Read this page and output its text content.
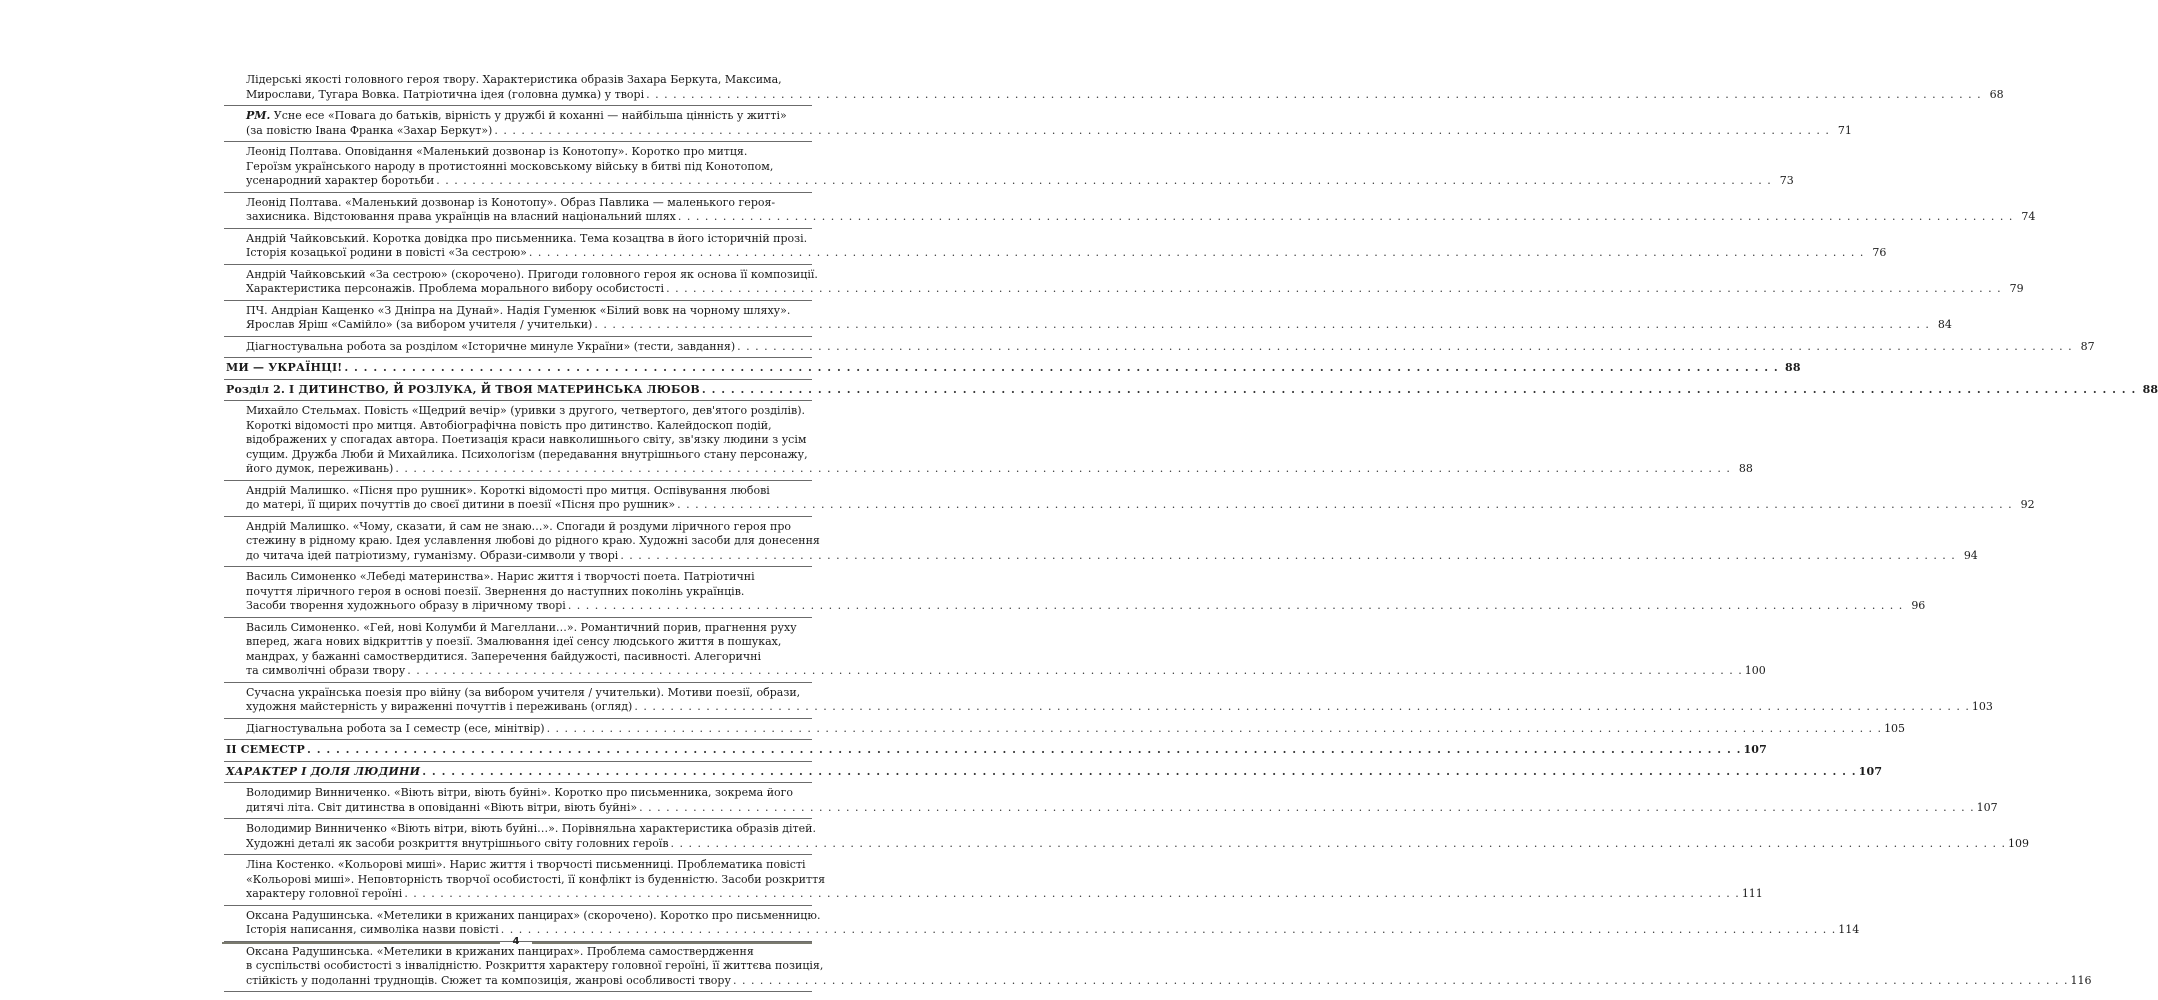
Лідерські якості головного героя твору. Характеристика образів Захара Беркута, Максима,
Мирослави, Тугара Вовка. Патріотична ідея (головна думка) у творі . . .	68
РМ. Усне есе «Повага до батьків, вірність у дружбі й коханні — найбільша цінність у житті»
(за повістю Івана Франка «Захар Беркут») . . .	71
Леонід Полтава. Оповідання «Маленький дозвонар із Конотопу». Коротко про митця.
Героїзм українського народу в протистоянні московському війську в битві під Конотопом,
усенародний характер боротьби . . .	73
Леонід Полтава. «Маленький дозвонар із Конотопу». Образ Павлика — маленького героя-
захисника. Відстоювання права українців на власний національний шлях . . .	74
Андрій Чайковський. Коротка довідка про письменника. Тема козацтва в його історичній прозі.
Історія козацької родини в повісті «За сестрою» . . .	76
Андрій Чайковський «За сестрою» (скорочено). Пригоди головного героя як основа її композиції.
Характеристика персонажів. Проблема морального вибору особистості . . .	79
ПЧ. Андріан Кащенко «З Дніпра на Дунай». Надія Гуменюк «Білий вовк на чорному шляху».
Ярослав Яріш «Самійло» (за вибором учителя / учительки) . . .	84
Діагностувальна робота за розділом «Історичне минуле України» (тести, завдання) . . .	87
МИ — УКРАЇНЦІ! . . .	88
Розділ 2. І ДИТИНСТВО, Й РОЗЛУКА, Й ТВОЯ МАТЕРИНСЬКА ЛЮБОВ . . .	88
Михайло Стельмах. Повість «Щедрий вечір» (уривки з другого, четвертого, дев'ятого розділів).
Короткі відомості про митця. Автобіографічна повість про дитинство. Калейдоскоп подій,
відображених у спогадах автора. Поетизація краси навколишнього світу, зв'язку людини з усім
сущим. Дружба Люби й Михайлика. Психологізм (передавання внутрішнього стану персонажу,
його думок, переживань) . . .	88
Андрій Малишко. «Пісня про рушник». Короткі відомості про митця. Оспівування любові
до матері, її щирих почуттів до своєї дитини в поезії «Пісня про рушник» . . .	92
Андрій Малишко. «Чому, сказати, й сам не знаю…». Спогади й роздуми ліричного героя про
стежину в рідному краю. Ідея уславлення любові до рідного краю. Художні засоби для донесення
до читача ідей патріотизму, гуманізму. Образи-символи у творі . . .	94
Василь Симоненко «Лебеді материнства». Нарис життя і творчості поета. Патріотичні
почуття ліричного героя в основі поезії. Звернення до наступних поколінь українців.
Засоби творення художнього образу в ліричному творі . . .	96
Василь Симоненко. «Гей, нові Колумби й Магеллани…». Романтичний порив, прагнення руху
вперед, жага нових відкриттів у поезії. Змалювання ідеї сенсу людського життя в пошуках,
мандрах, у бажанні самоствердитися. Заперечення байдужості, пасивності. Алегоричні
та символічні образи твору . . .	100
Сучасна українська поезія про війну (за вибором учителя / учительки). Мотиви поезії, образи,
художня майстерність у вираженні почуттів і переживань (огляд) . . .	103
Діагностувальна робота за І семестр (есе, мінітвір) . . .	105
ІІ СЕМЕСТР . . .	107
ХАРАКТЕР І ДОЛЯ ЛЮДИНИ . . .	107
Володимир Винниченко. «Віють вітри, віють буйні». Коротко про письменника, зокрема його
дитячі літа. Світ дитинства в оповіданні «Віють вітри, віють буйні» . . .	107
Володимир Винниченко «Віють вітри, віють буйні…». Порівняльна характеристика образів дітей.
Художні деталі як засоби розкриття внутрішнього світу головних героїв . . .	109
Ліна Костенко. «Кольорові миші». Нарис життя і творчості письменниці. Проблематика повісті
«Кольорові миші». Неповторність творчої особистості, її конфлікт із буденністю. Засоби розкриття
характеру головної героїні . . .	111
Оксана Радушинська. «Метелики в крижаних панцирах» (скорочено). Коротко про письменницю.
Історія написання, символіка назви повісті . . .	114
Оксана Радушинська. «Метелики в крижаних панцирах». Проблема самоствердження
в суспільстві особистості з інвалідністю. Розкриття характеру головної героїні, її життєва позиція,
стійкість у подоланні труднощів. Сюжет та композиція, жанрові особливості твору . . .	116
4
